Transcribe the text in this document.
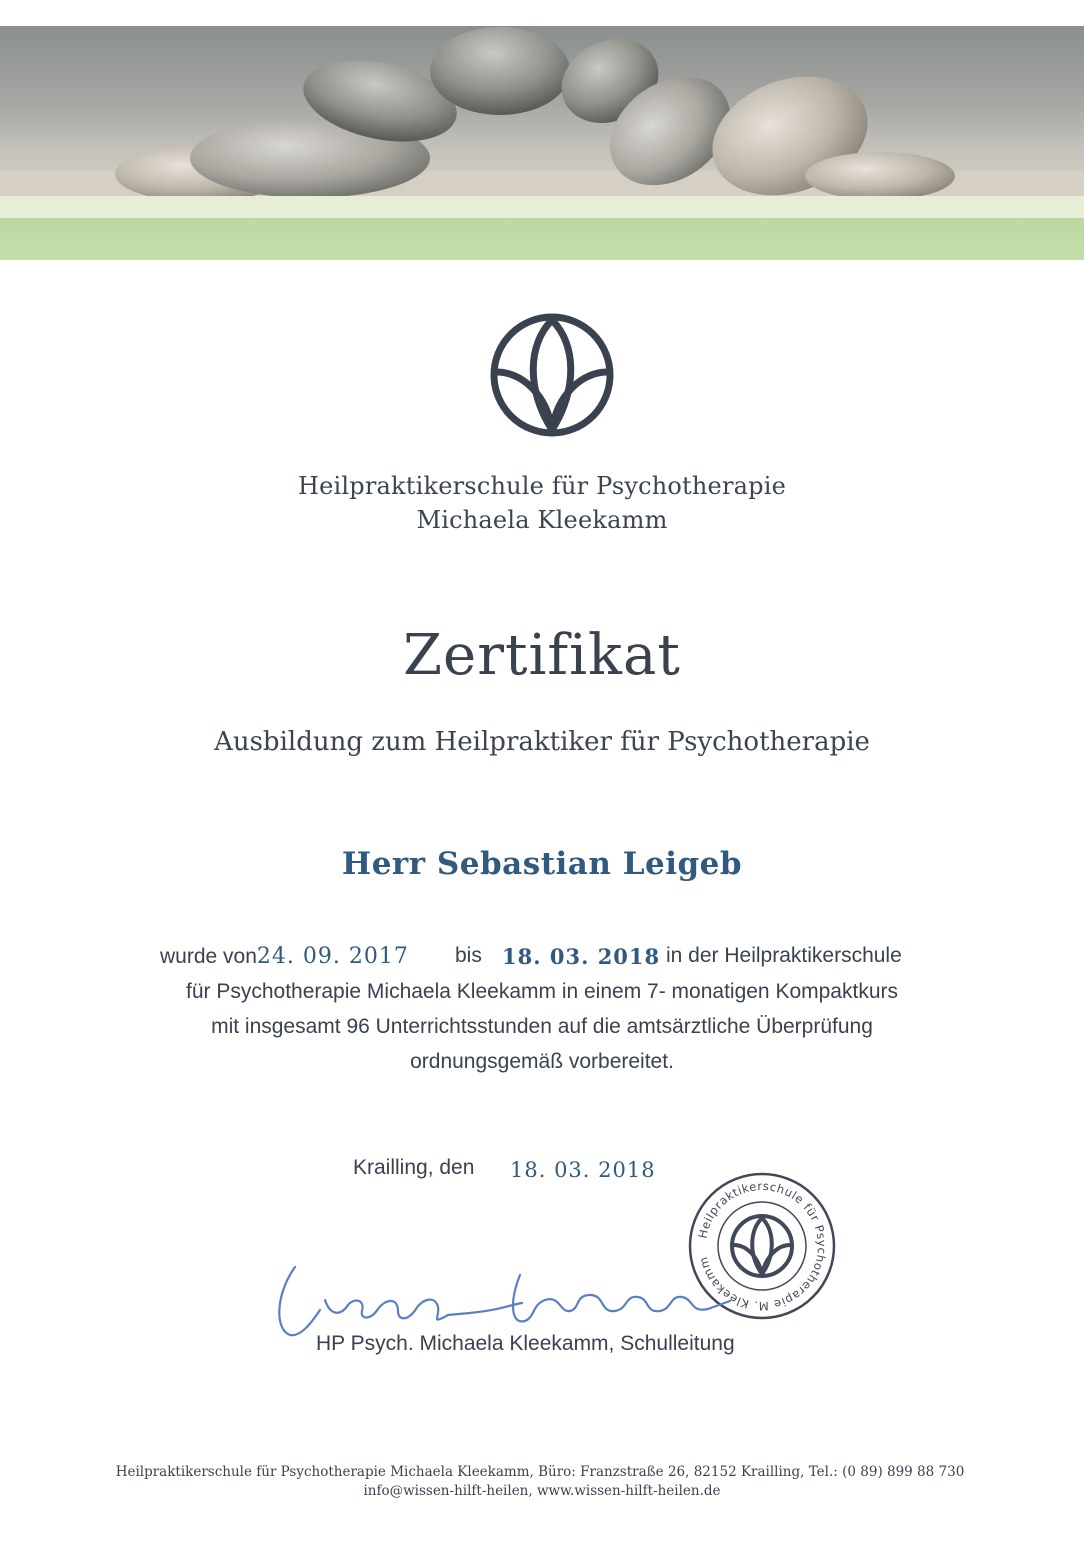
Heilpraktikerschule für Psychotherapie

Michaela Kleekamm

Zertifikat

Ausbildung zum Heilpraktiker für Psychotherapie

Herr Sebastian Leigeb

wurde von24. 09. 2017 bis 18. 03. 2018 in der Heilpraktikerschule

für Psychotherapie Michaela Kleekamm in einem 7- monatigen Kompaktkurs

mit insgesamt 96 Unterrichtsstunden auf die amtsärztliche Überprüfung

ordnungsgemäß vorbereitet.

Krailling, den 18. 03. 2018
Heilpraktikerschule für Psychotherapie M. Kleekamm
HP Psych. Michaela Kleekamm, Schulleitung

Heilpraktikerschule für Psychotherapie Michaela Kleekamm, Büro: Franzstraße 26, 82152 Krailling, Tel.: (0 89) 899 88 730

info@wissen-hilft-heilen, www.wissen-hilft-heilen.de
